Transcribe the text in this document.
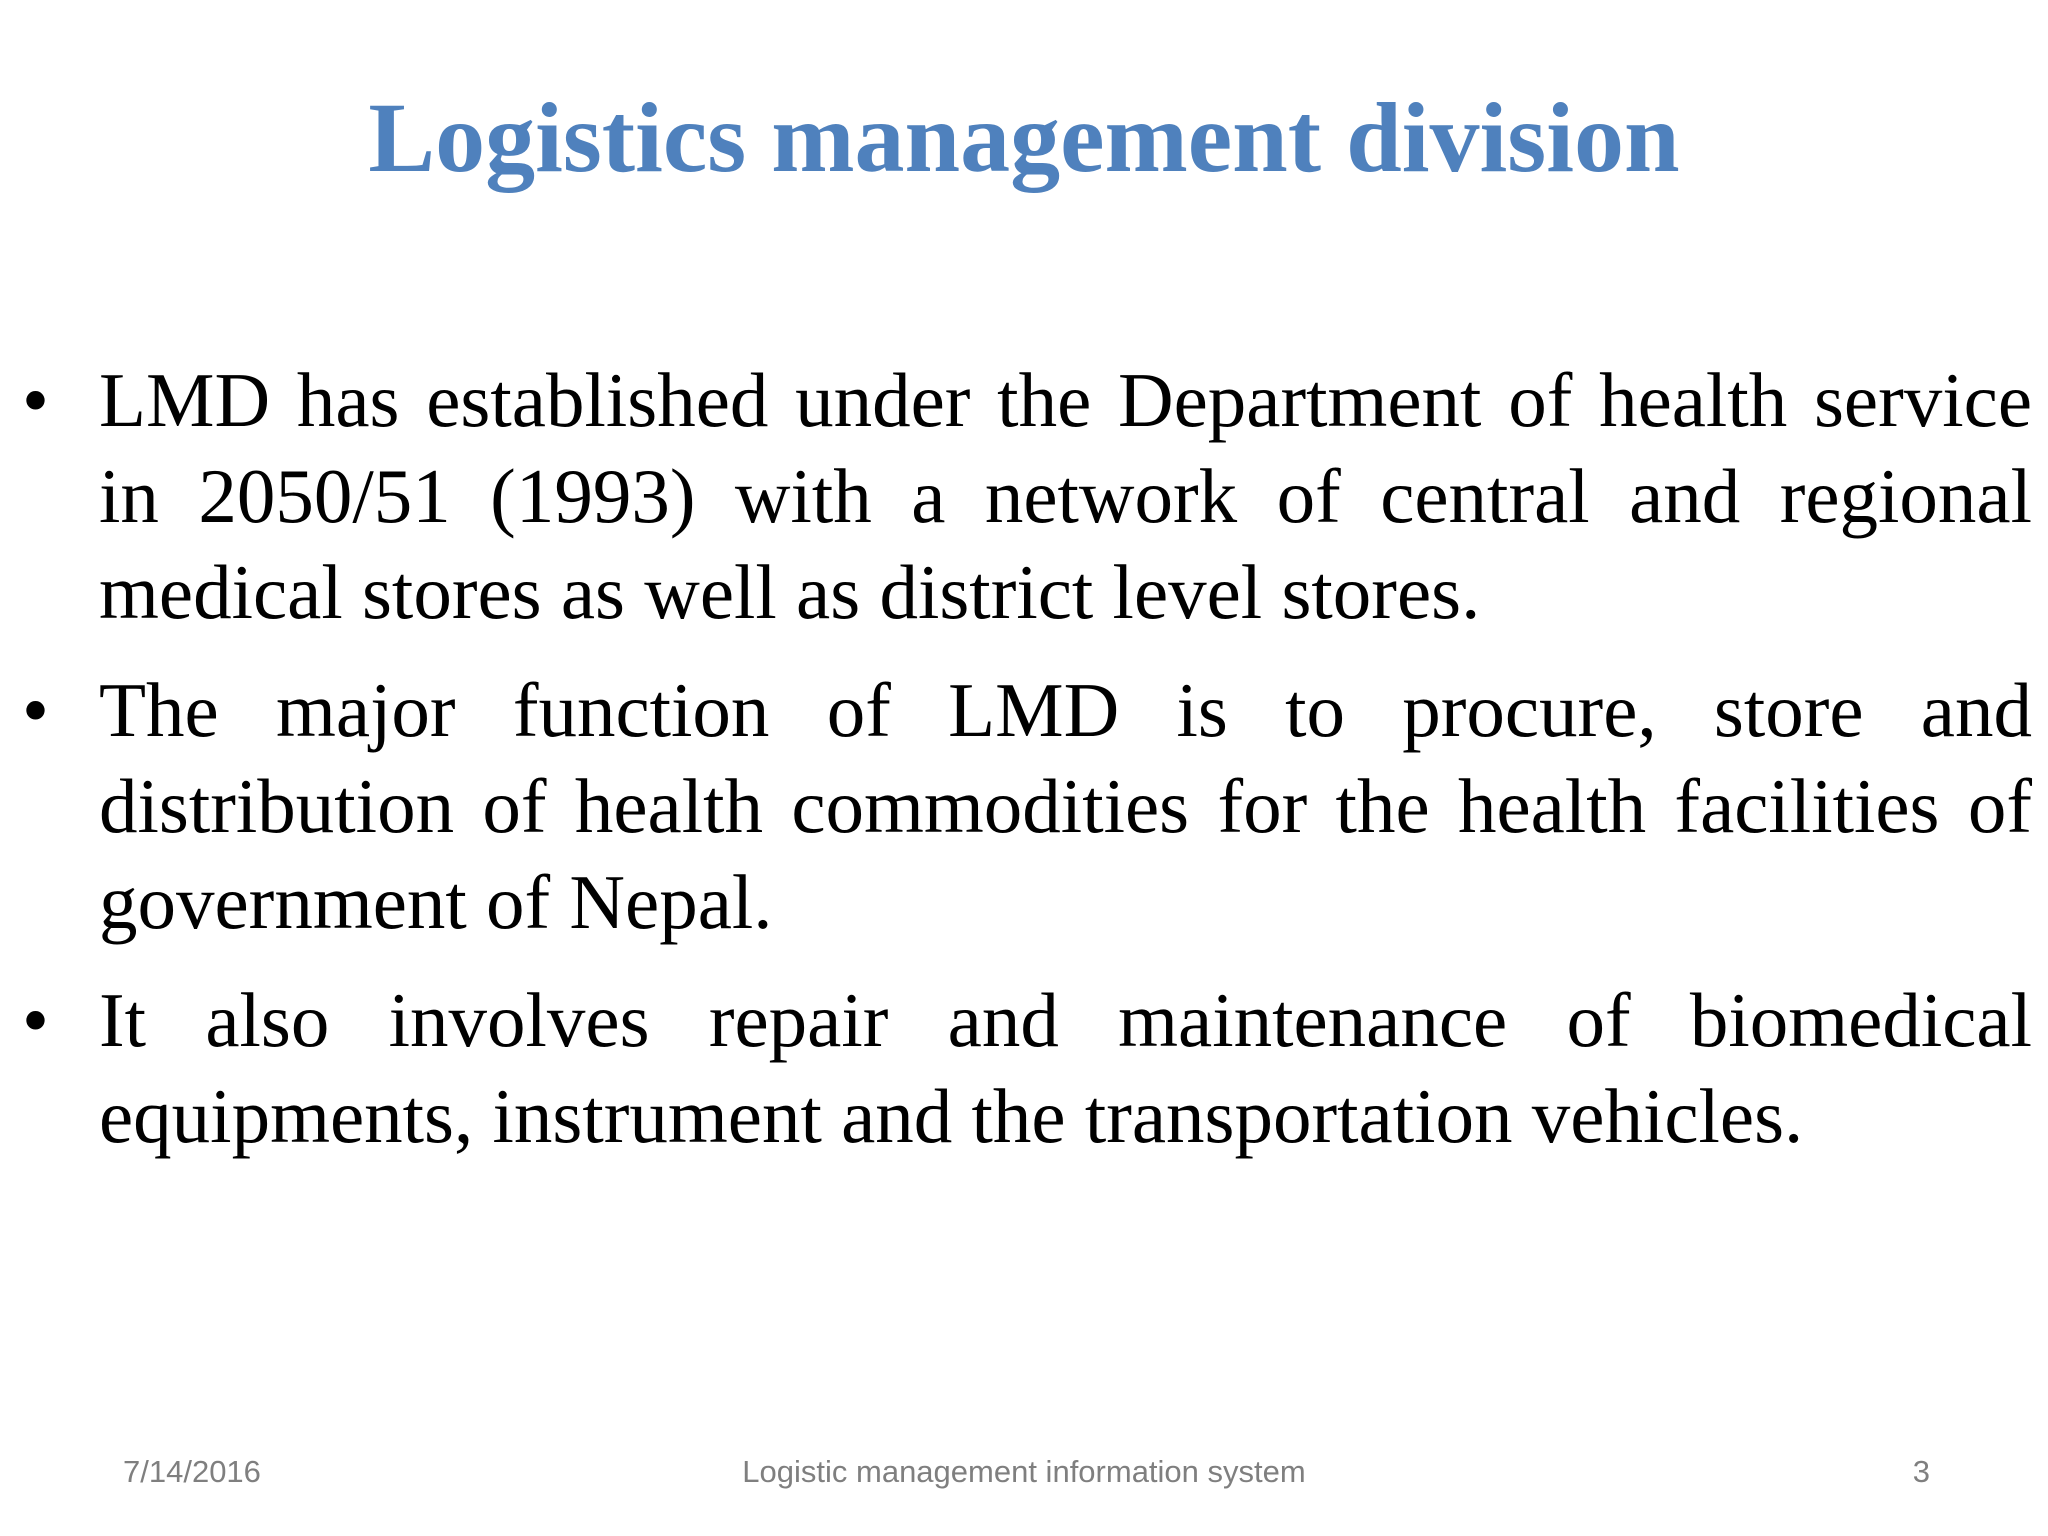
Logistics management division
• LMD has established under the Department of health service in 2050/51 (1993) with a network of central and regional medical stores as well as district level stores.
• The major function of LMD is to procure, store and distribution of health commodities for the health facilities of government of Nepal.
• It also involves repair and maintenance of biomedical equipments, instrument and the transportation vehicles.
7/14/2016	Logistic management information system	3
